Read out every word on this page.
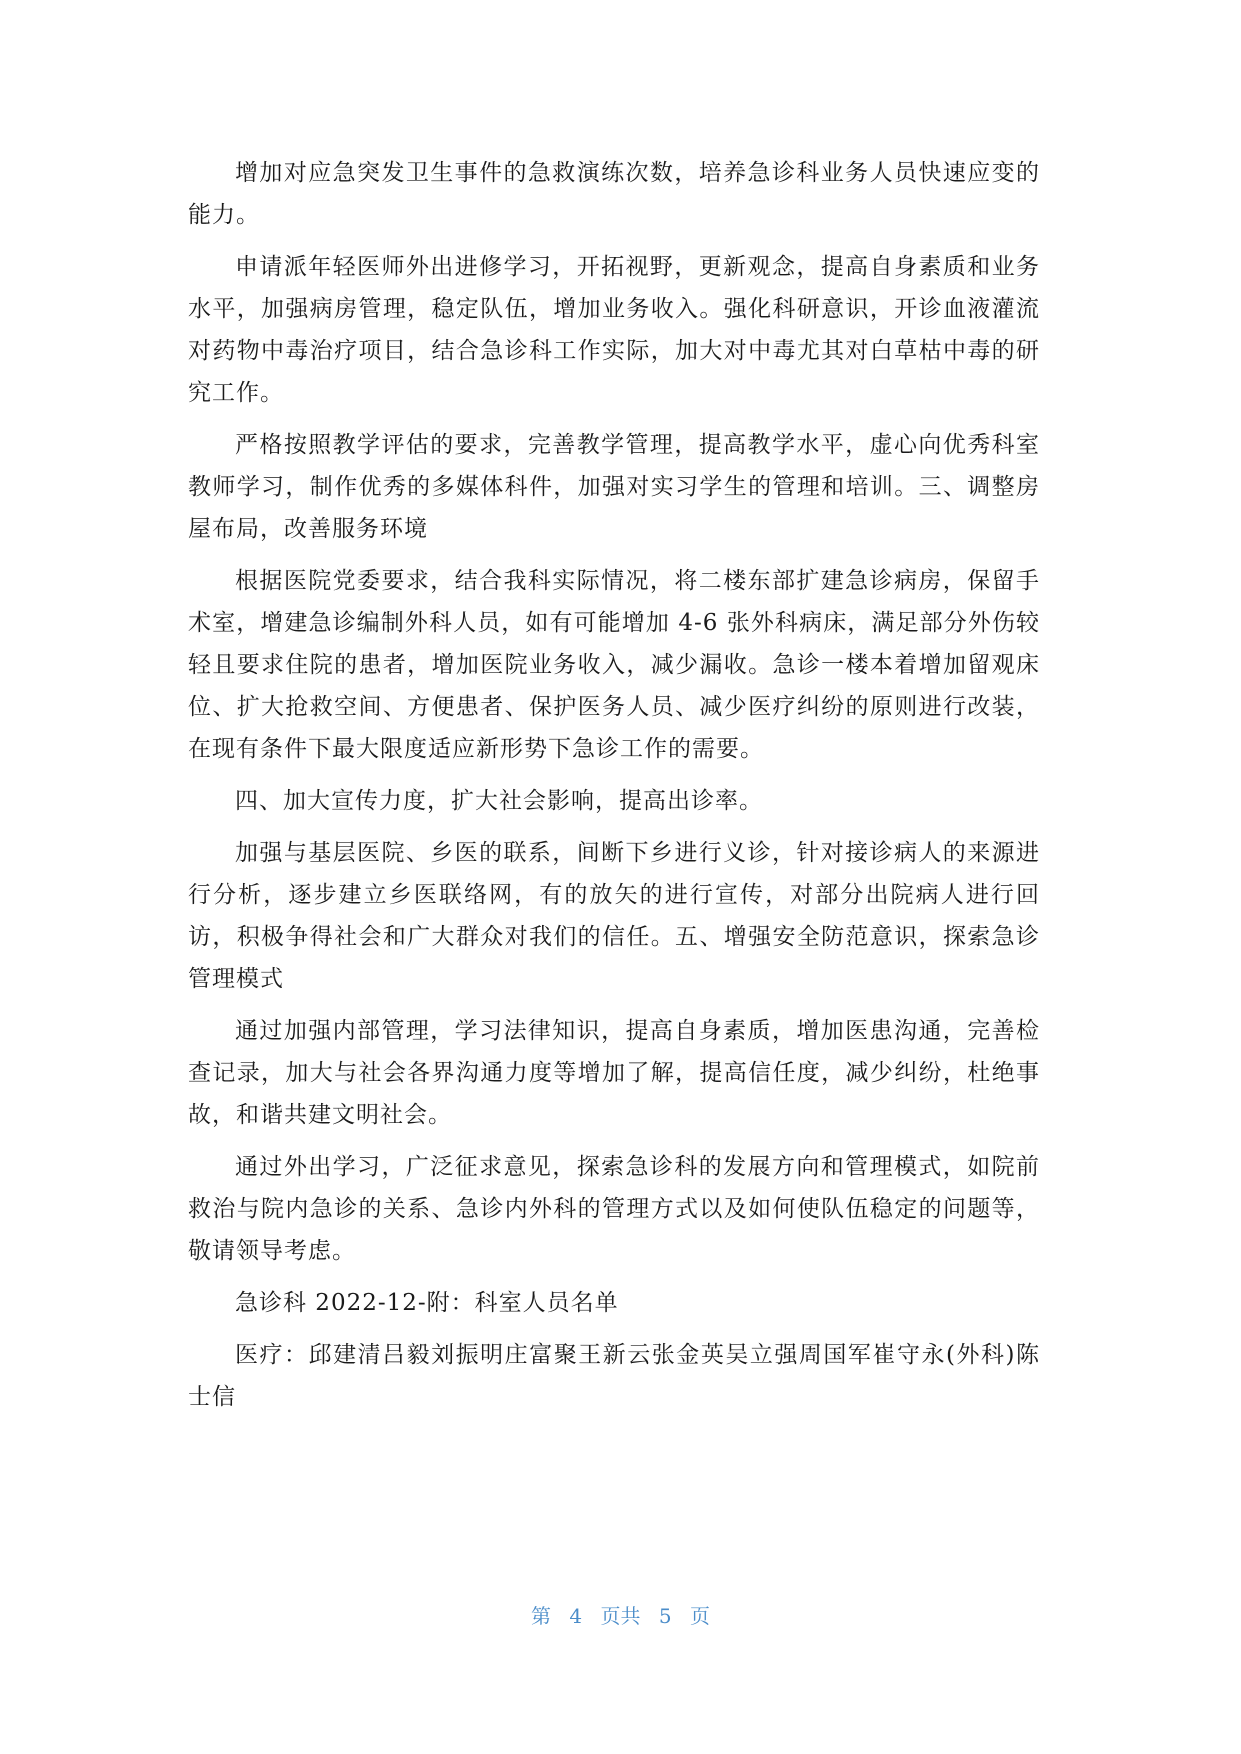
增加对应急突发卫生事件的急救演练次数，培养急诊科业务人员快速应变的能力。

申请派年轻医师外出进修学习，开拓视野，更新观念，提高自身素质和业务水平，加强病房管理，稳定队伍，增加业务收入。强化科研意识，开诊血液灌流对药物中毒治疗项目，结合急诊科工作实际，加大对中毒尤其对白草枯中毒的研究工作。

严格按照教学评估的要求，完善教学管理，提高教学水平，虚心向优秀科室教师学习，制作优秀的多媒体科件，加强对实习学生的管理和培训。三、调整房屋布局，改善服务环境

根据医院党委要求，结合我科实际情况，将二楼东部扩建急诊病房，保留手术室，增建急诊编制外科人员，如有可能增加 4-6 张外科病床，满足部分外伤较轻且要求住院的患者，增加医院业务收入，减少漏收。急诊一楼本着增加留观床位、扩大抢救空间、方便患者、保护医务人员、减少医疗纠纷的原则进行改装，在现有条件下最大限度适应新形势下急诊工作的需要。

四、加大宣传力度，扩大社会影响，提高出诊率。

加强与基层医院、乡医的联系，间断下乡进行义诊，针对接诊病人的来源进行分析，逐步建立乡医联络网，有的放矢的进行宣传，对部分出院病人进行回访，积极争得社会和广大群众对我们的信任。五、增强安全防范意识，探索急诊管理模式

通过加强内部管理，学习法律知识，提高自身素质，增加医患沟通，完善检查记录，加大与社会各界沟通力度等增加了解，提高信任度，减少纠纷，杜绝事故，和谐共建文明社会。

通过外出学习，广泛征求意见，探索急诊科的发展方向和管理模式，如院前救治与院内急诊的关系、急诊内外科的管理方式以及如何使队伍稳定的问题等，敬请领导考虑。

急诊科 2022-12-附：科室人员名单

医疗：邱建清吕毅刘振明庄富聚王新云张金英吴立强周国军崔守永(外科)陈士信

第 4 页共 5 页
